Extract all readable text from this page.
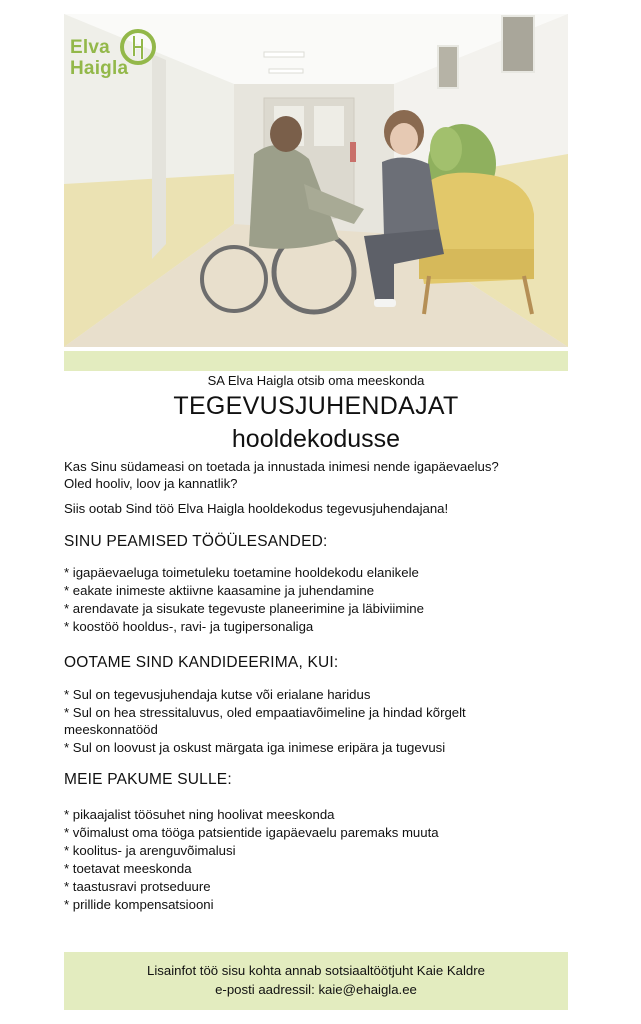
Elva
Haigla
SA Elva Haigla otsib oma meeskonda
TEGEVUSJUHENDAJAT
hooldekodusse
Kas Sinu südameasi on toetada ja innustada inimesi nende igapäevaelus?
Oled hooliv, loov ja kannatlik?
Siis ootab Sind töö Elva Haigla hooldekodus tegevusjuhendajana!
SINU PEAMISED TÖÖÜLESANDED:
* igapäevaeluga toimetuleku toetamine hooldekodu elanikele
* eakate inimeste aktiivne kaasamine ja juhendamine
* arendavate ja sisukate tegevuste planeerimine ja läbiviimine
* koostöö hooldus-, ravi- ja tugipersonaliga
OOTAME SIND KANDIDEERIMA, KUI:
* Sul on tegevusjuhendaja kutse või erialane haridus
* Sul on hea stressitaluvus, oled empaatiavõimeline ja hindad kõrgelt
meeskonnatööd
* Sul on loovust ja oskust märgata iga inimese eripära ja tugevusi
MEIE PAKUME SULLE:
* pikaajalist töösuhet ning hoolivat meeskonda
* võimalust oma tööga patsientide igapäevaelu paremaks muuta
* koolitus- ja arenguvõimalusi
* toetavat meeskonda
* taastusravi protseduure
* prillide kompensatsiooni
Lisainfot töö sisu kohta annab sotsiaaltöötjuht Kaie Kaldre
e-posti aadressil: kaie@ehaigla.ee
